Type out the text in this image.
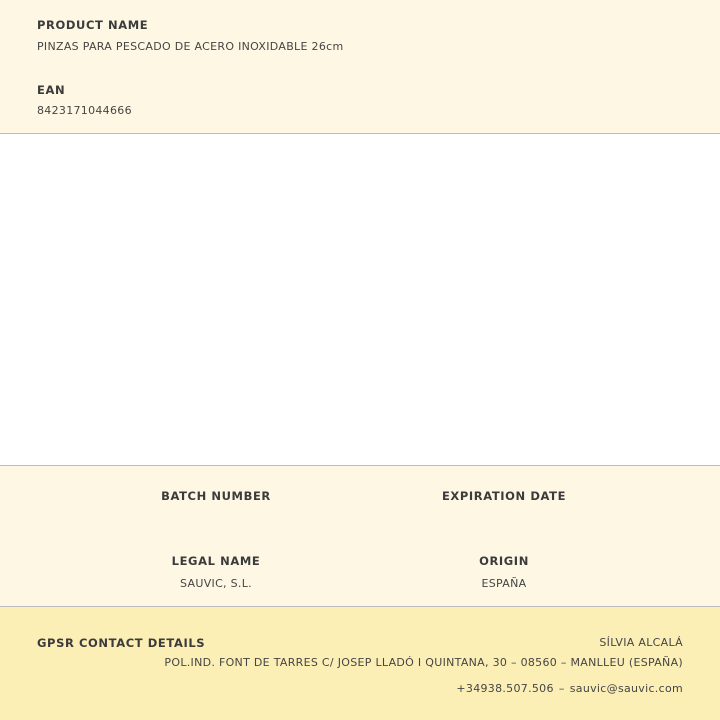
PRODUCT NAME
PINZAS PARA PESCADO DE ACERO INOXIDABLE 26cm
EAN
8423171044666
BATCH NUMBER	EXPIRATION DATE
LEGAL NAME
SAUVIC, S.L.
ORIGIN
ESPAÑA
GPSR CONTACT DETAILS	SÍLVIA ALCALÁ
POL.IND. FONT DE TARRES C/ JOSEP LLADÓ I QUINTANA, 30 – 08560 – MANLLEU (ESPAÑA)
+34938.507.506 – sauvic@sauvic.com
